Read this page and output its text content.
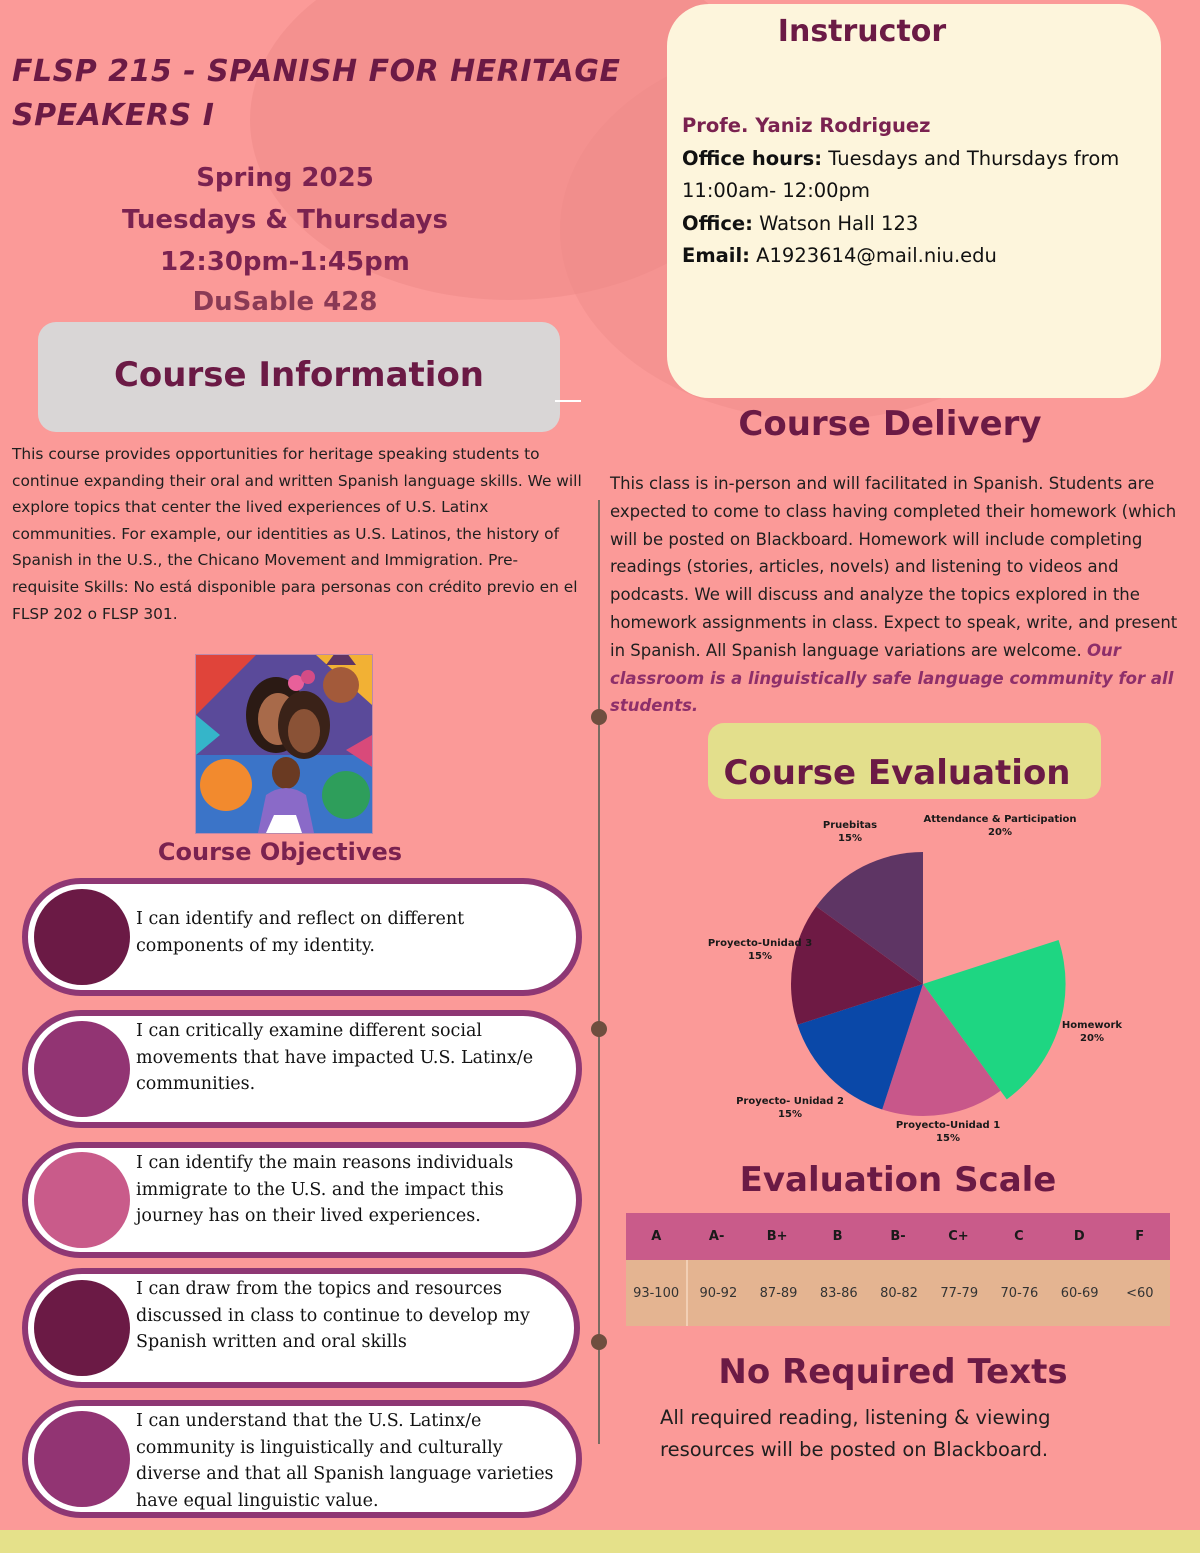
FLSP 215 - SPANISH FOR HERITAGE SPEAKERS I
Spring 2025
Tuesdays & Thursdays
12:30pm-1:45pm
DuSable 428
Course Information
This course provides opportunities for heritage speaking students to continue expanding their oral and written Spanish language skills. We will explore topics that center the lived experiences of U.S. Latinx communities. For example, our identities as U.S. Latinos, the history of Spanish in the U.S., the Chicano Movement and Immigration. Pre-requisite Skills: No está disponible para personas con crédito previo en el FLSP 202 o FLSP 301.
Course Objectives
I can identify and reflect on different components of my identity.
I can critically examine different social movements that have impacted U.S. Latinx/e communities.
I can identify the main reasons individuals immigrate to the U.S. and the impact this journey has on their lived experiences.
I can draw from the topics and resources discussed in class to continue to develop my Spanish written and oral skills
I can understand that the U.S. Latinx/e community is linguistically and culturally diverse and that all Spanish language varieties have equal linguistic value.
Instructor
Profe. Yaniz Rodriguez
Office hours: Tuesdays and Thursdays from 11:00am- 12:00pm
Office: Watson Hall 123
Email: A1923614@mail.niu.edu
Course Delivery
This class is in-person and will facilitated in Spanish. Students are expected to come to class having completed their homework (which will be posted on Blackboard. Homework will include completing readings (stories, articles, novels) and listening to videos and podcasts. We will discuss and analyze the topics explored in the homework assignments in class. Expect to speak, write, and present in Spanish. All Spanish language variations are welcome. Our classroom is a linguistically safe language community for all students.
Course Evaluation
Attendance & Participation
20%
Homework
20%
Proyecto-Unidad 1
15%
Proyecto- Unidad 2
15%
Proyecto-Unidad 3
15%
Pruebitas
15%
Evaluation Scale
A	A-	B+	B	B-	C+	C	D	F
93-100	90-92	87-89	83-86	80-82	77-79	70-76	60-69	<60
No Required Texts
All required reading, listening & viewing resources will be posted on Blackboard.
